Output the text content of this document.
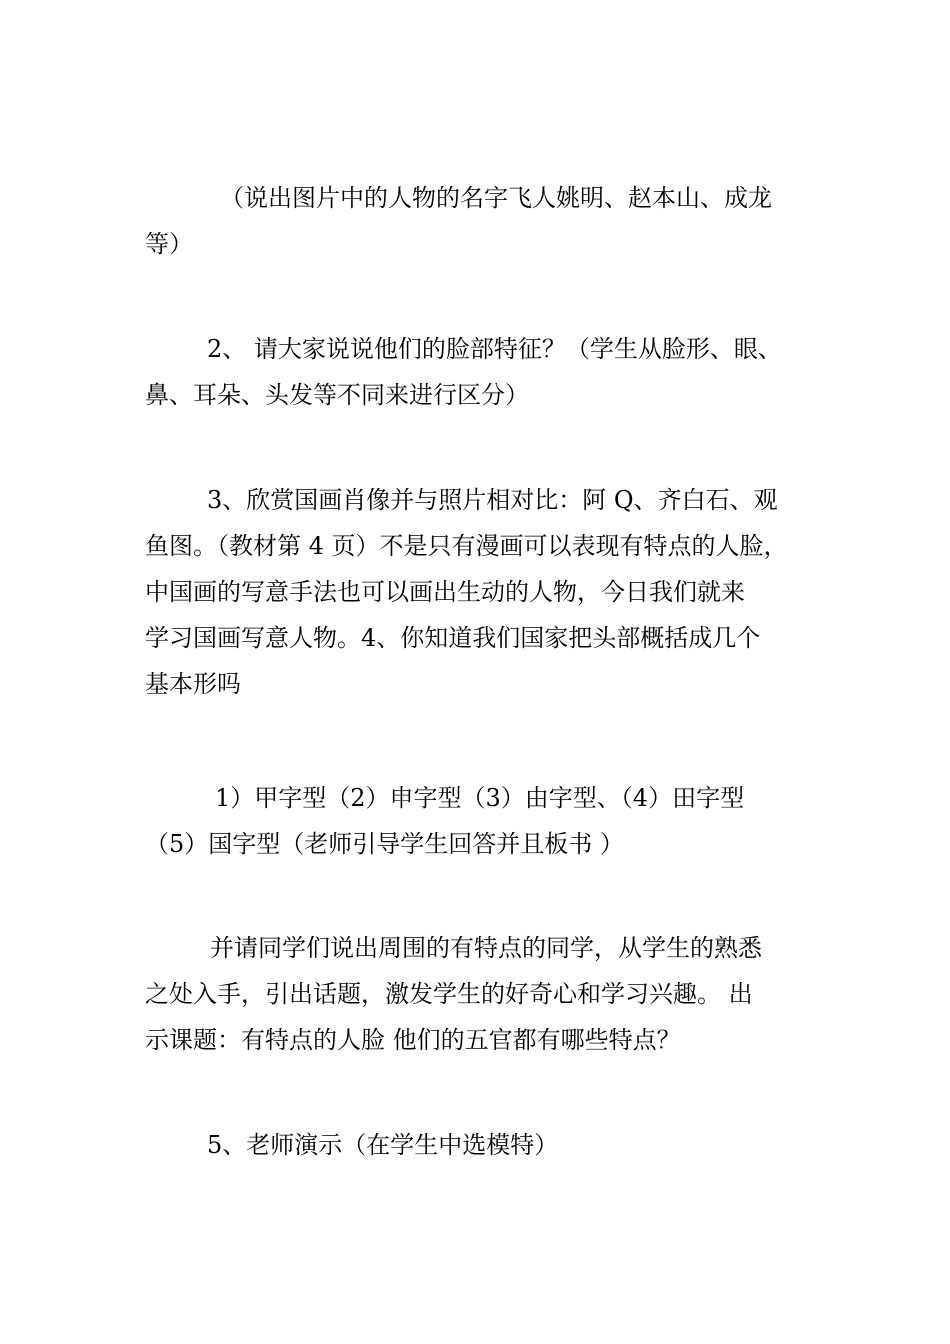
（说出图片中的人物的名字飞人姚明、赵本山、成龙
等）
2、 请大家说说他们的脸部特征？（学生从脸形、眼、
鼻、耳朵、头发等不同来进行区分）
3、欣赏国画肖像并与照片相对比：阿 Q、齐白石、观
鱼图。（教材第 4 页）不是只有漫画可以表现有特点的人脸，
中国画的写意手法也可以画出生动的人物，今日我们就来
学习国画写意人物。4、你知道我们国家把头部概括成几个
基本形吗
1）甲字型（2）申字型（3）由字型、（4）田字型
（5）国字型（老师引导学生回答并且板书 ）
并请同学们说出周围的有特点的同学，从学生的熟悉
之处入手，引出话题，激发学生的好奇心和学习兴趣。 出
示课题：有特点的人脸 他们的五官都有哪些特点？
5、老师演示（在学生中选模特）
